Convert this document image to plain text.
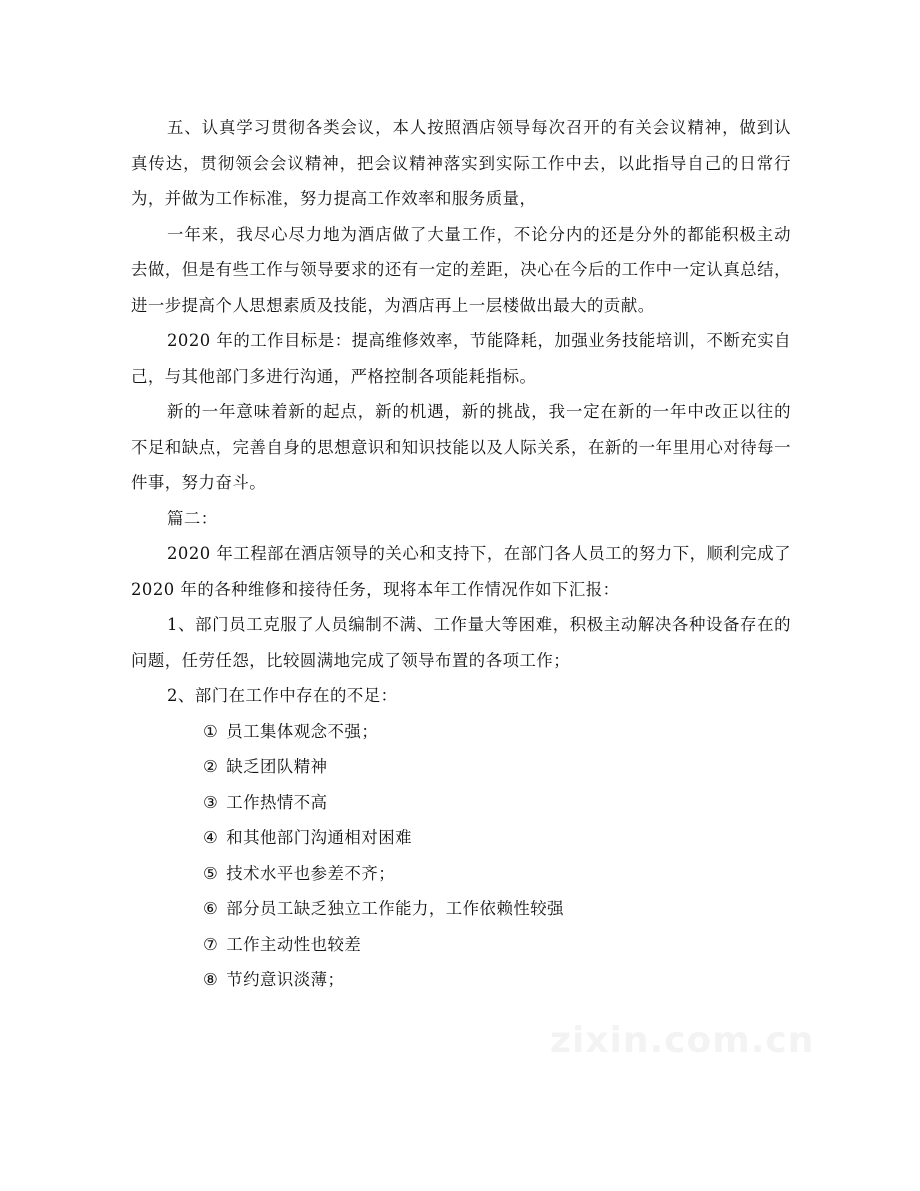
五、认真学习贯彻各类会议，本人按照酒店领导每次召开的有关会议精神，做到认真传达，贯彻领会会议精神，把会议精神落实到实际工作中去，以此指导自己的日常行为，并做为工作标准，努力提高工作效率和服务质量，

一年来，我尽心尽力地为酒店做了大量工作，不论分内的还是分外的都能积极主动去做，但是有些工作与领导要求的还有一定的差距，决心在今后的工作中一定认真总结，进一步提高个人思想素质及技能，为酒店再上一层楼做出最大的贡献。

2020 年的工作目标是：提高维修效率，节能降耗，加强业务技能培训，不断充实自己，与其他部门多进行沟通，严格控制各项能耗指标。

新的一年意味着新的起点，新的机遇，新的挑战，我一定在新的一年中改正以往的不足和缺点，完善自身的思想意识和知识技能以及人际关系，在新的一年里用心对待每一件事，努力奋斗。

篇二：

2020 年工程部在酒店领导的关心和支持下，在部门各人员工的努力下，顺利完成了 2020 年的各种维修和接待任务，现将本年工作情况作如下汇报：

1、部门员工克服了人员编制不满、工作量大等困难，积极主动解决各种设备存在的问题，任劳任怨，比较圆满地完成了领导布置的各项工作；

2、部门在工作中存在的不足：

① 员工集体观念不强；

② 缺乏团队精神

③ 工作热情不高

④ 和其他部门沟通相对困难

⑤ 技术水平也参差不齐；

⑥ 部分员工缺乏独立工作能力，工作依赖性较强

⑦ 工作主动性也较差

⑧ 节约意识淡薄；

zixin.com.cn
